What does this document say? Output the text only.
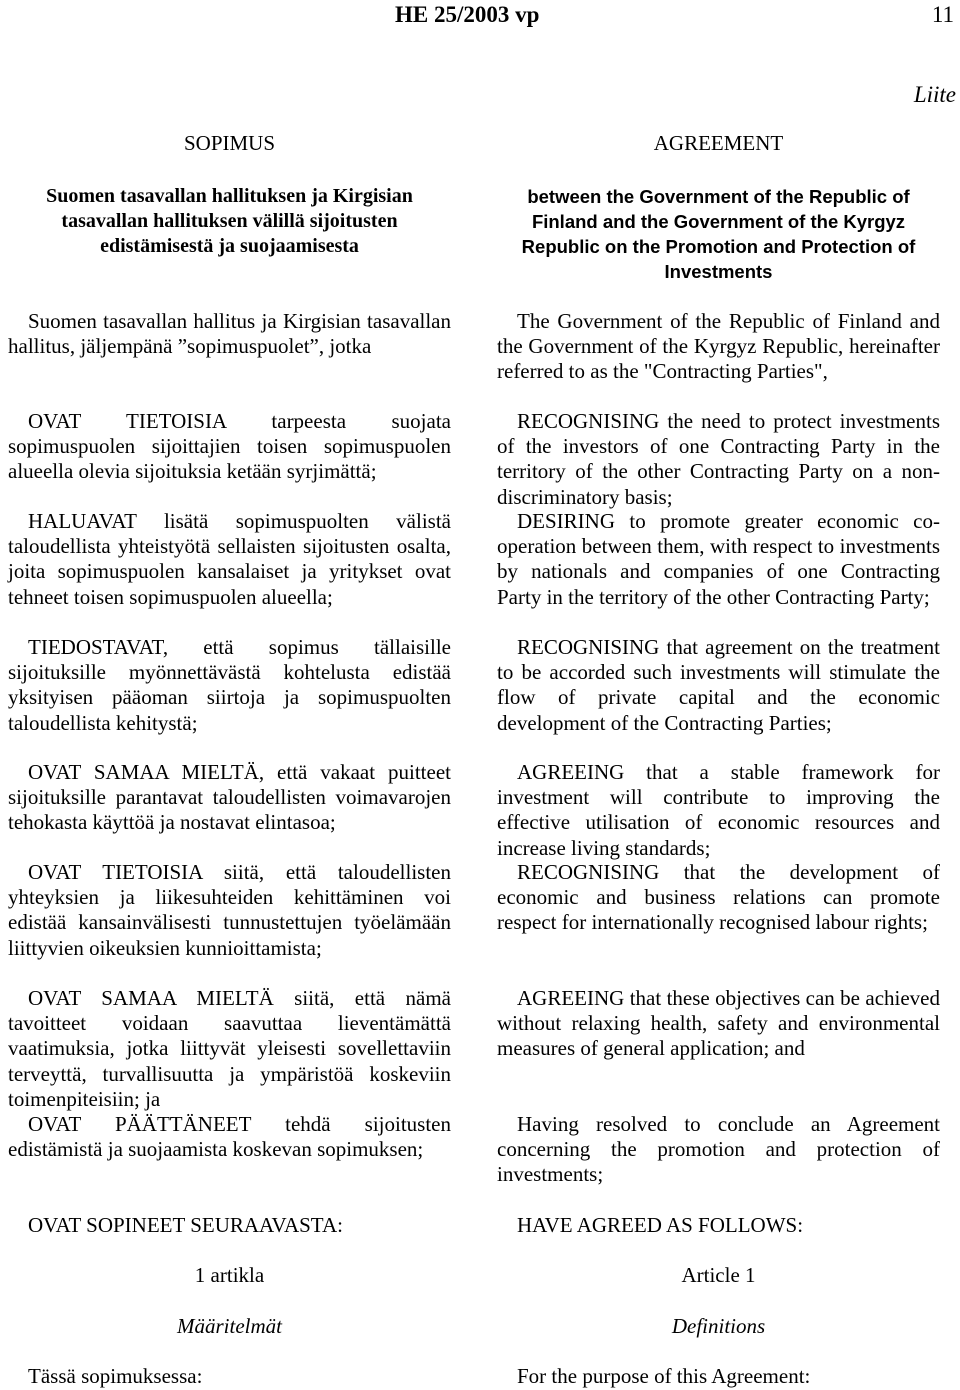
HE 25/2003 vp	11
Liite
SOPIMUS
Suomen tasavallan hallituksen ja Kirgisian tasavallan hallituksen välillä sijoitusten edistämisestä ja suojaamisesta

Suomen tasavallan hallitus ja Kirgisian tasavallan hallitus, jäljempänä ”sopimuspuolet”, jotka

OVAT TIETOISIA tarpeesta suojata sopimuspuolen sijoittajien toisen sopimuspuolen alueella olevia sijoituksia ketään syrjimättä;

HALUAVAT lisätä sopimuspuolten välistä taloudellista yhteistyötä sellaisten sijoitusten osalta, joita sopimuspuolen kansalaiset ja yritykset ovat tehneet toisen sopimuspuolen alueella;

TIEDOSTAVAT, että sopimus tällaisille sijoituksille myönnettävästä kohtelusta edistää yksityisen pääoman siirtoja ja sopimuspuolten taloudellista kehitystä;

OVAT SAMAA MIELTÄ, että vakaat puitteet sijoituksille parantavat taloudellisten voimavarojen tehokasta käyttöä ja nostavat elintasoa;

OVAT TIETOISIA siitä, että taloudellisten yhteyksien ja liikesuhteiden kehittäminen voi edistää kansainvälisesti tunnustettujen työelämään liittyvien oikeuksien kunnioittamista;

OVAT SAMAA MIELTÄ siitä, että nämä tavoitteet voidaan saavuttaa lieventämättä vaatimuksia, jotka liittyvät yleisesti sovellettaviin terveyttä, turvallisuutta ja ympäristöä koskeviin toimenpiteisiin; ja

OVAT PÄÄTTÄNEET tehdä sijoitusten edistämistä ja suojaamista koskevan sopimuksen;

OVAT SOPINEET SEURAAVASTA:
1 artikla
Määritelmät
Tässä sopimuksessa:
AGREEMENT
between the Government of the Republic of Finland and the Government of the Kyrgyz Republic on the Promotion and Protection of Investments

The Government of the Republic of Finland and the Government of the Kyrgyz Republic, hereinafter referred to as the "Contracting Parties",

RECOGNISING the need to protect investments of the investors of one Contracting Party in the territory of the other Contracting Party on a non-discriminatory basis;

DESIRING to promote greater economic co-operation between them, with respect to investments by nationals and companies of one Contracting Party in the territory of the other Contracting Party;

RECOGNISING that agreement on the treatment to be accorded such investments will stimulate the flow of private capital and the economic development of the Contracting Parties;

AGREEING that a stable framework for investment will contribute to improving the effective utilisation of economic resources and increase living standards;

RECOGNISING that the development of economic and business relations can promote respect for internationally recognised labour rights;

AGREEING that these objectives can be achieved without relaxing health, safety and environmental measures of general application; and

Having resolved to conclude an Agreement concerning the promotion and protection of investments;

HAVE AGREED AS FOLLOWS:
Article 1
Definitions
For the purpose of this Agreement:
